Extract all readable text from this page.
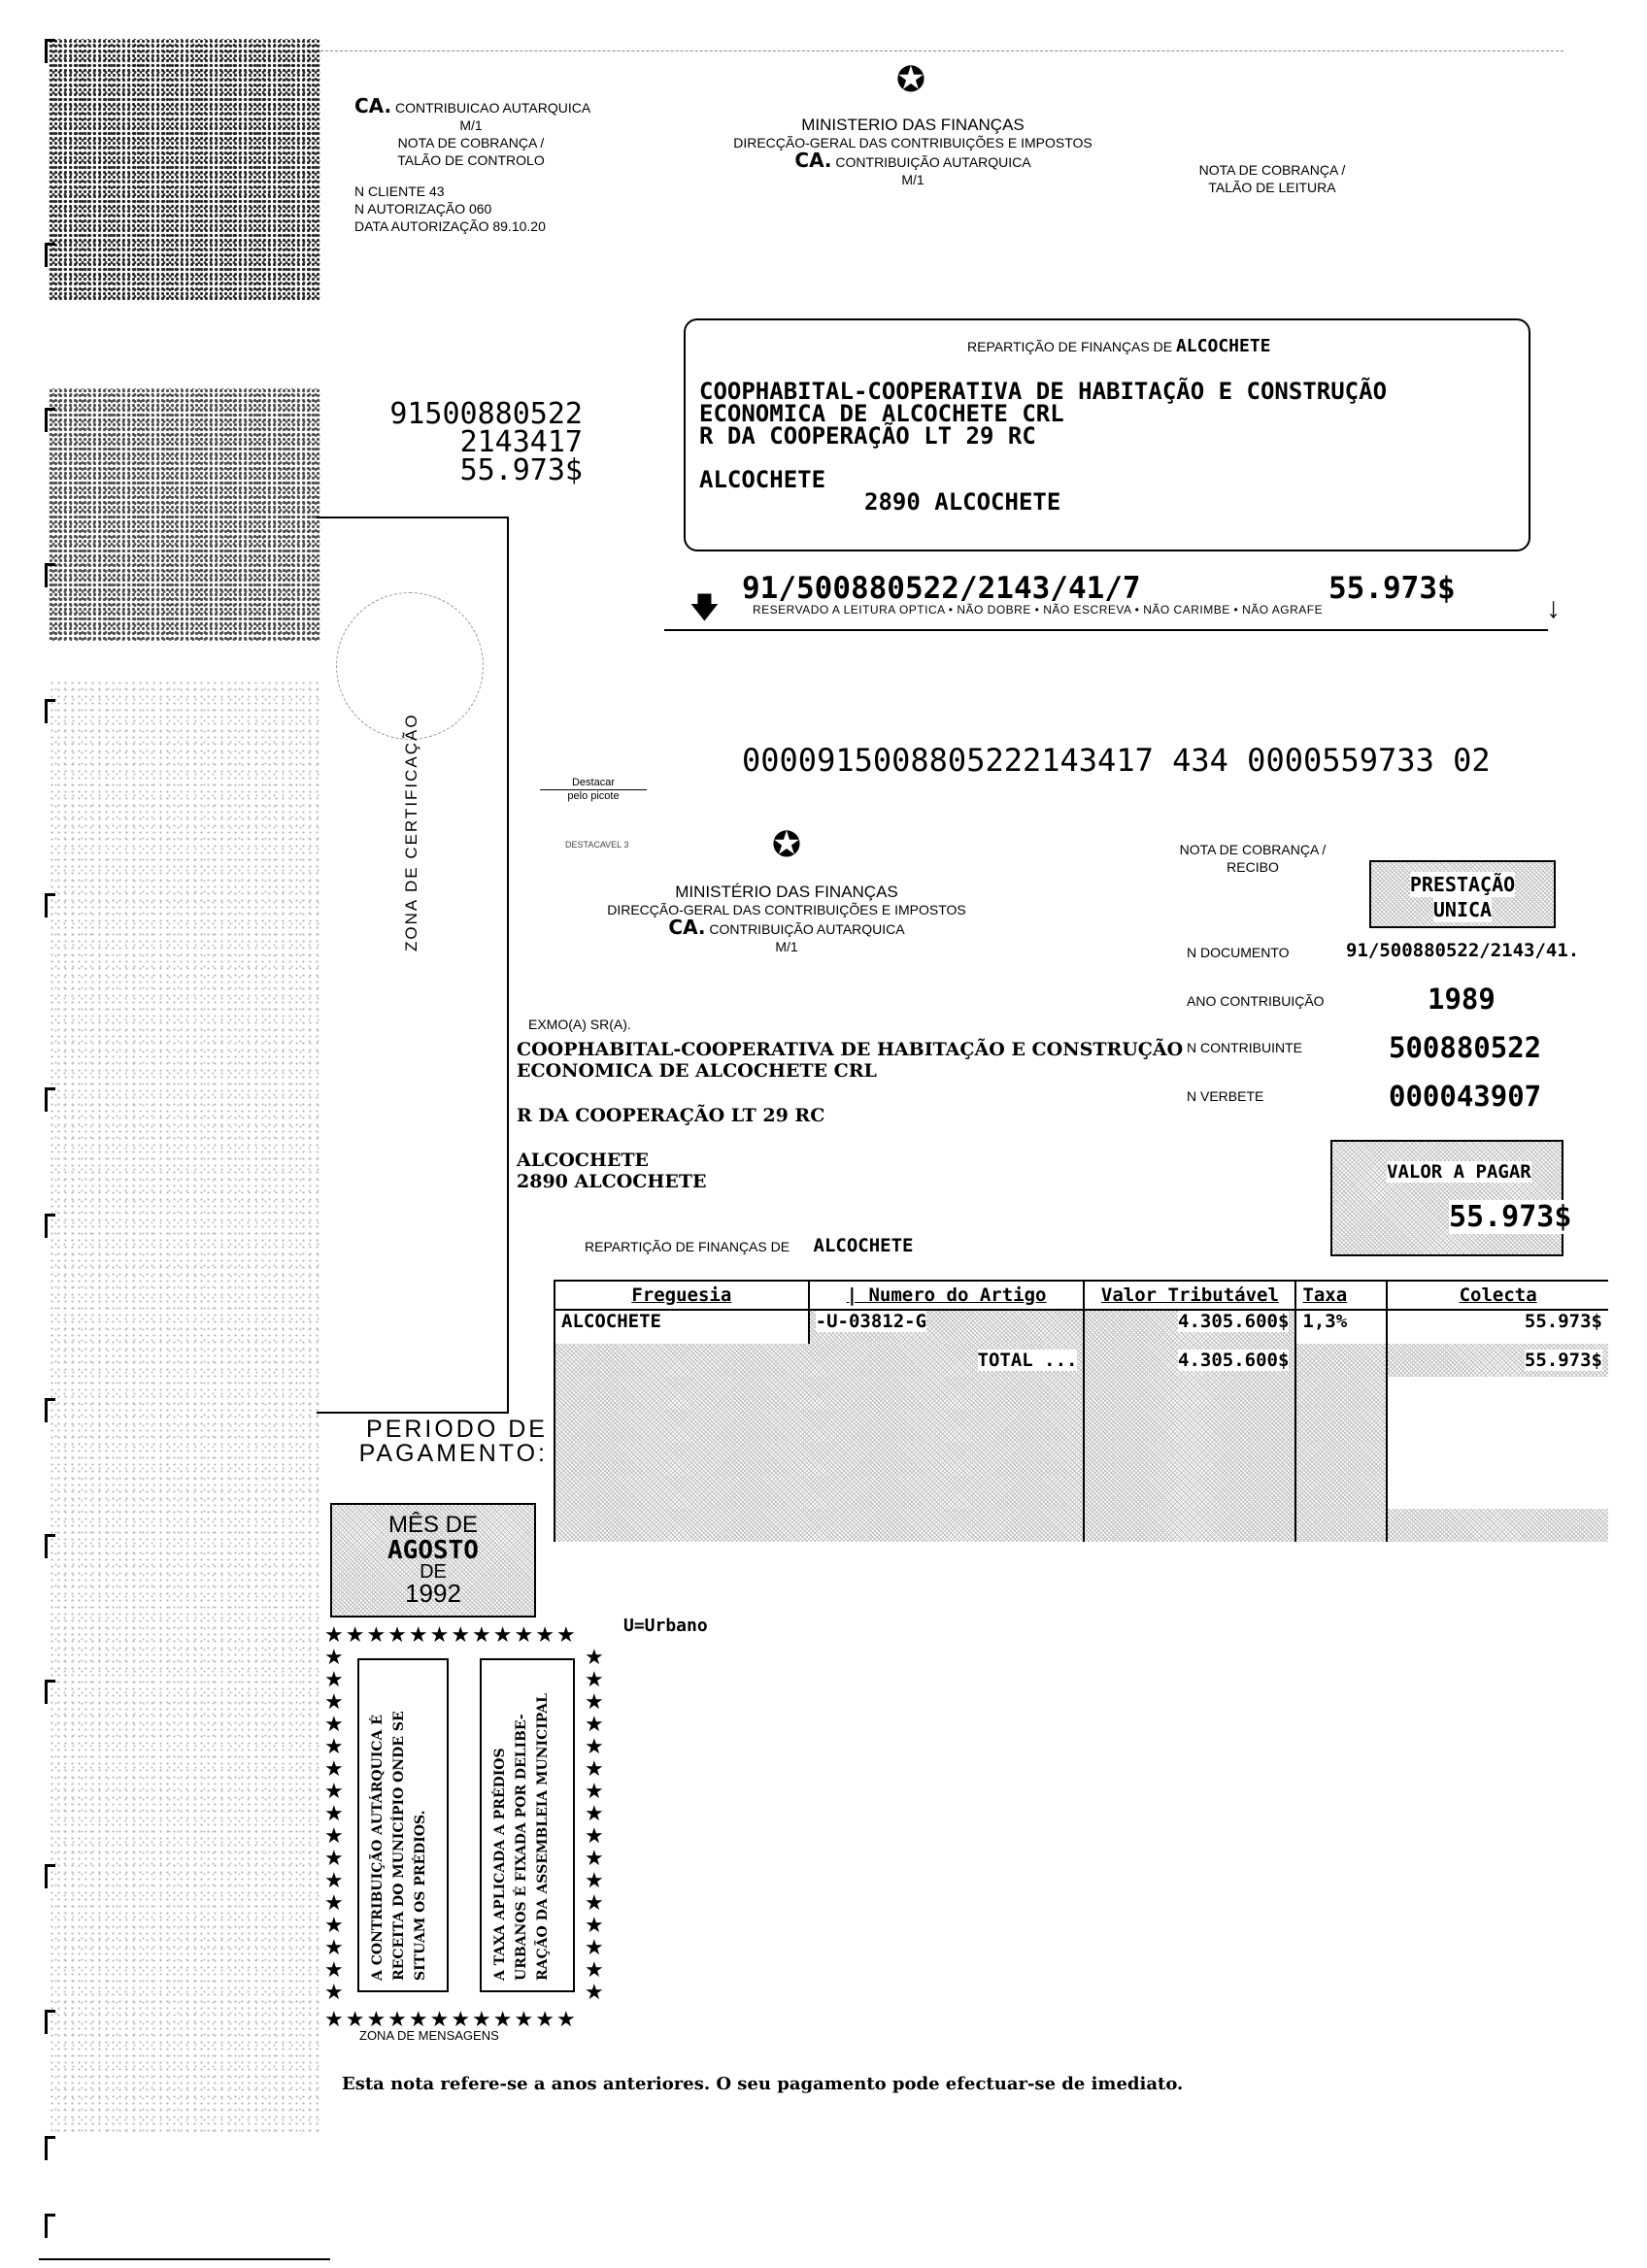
CA. CONTRIBUICAO AUTARQUICA
M/1
NOTA DE COBRANÇA /
TALÃO DE CONTROLO
N CLIENTE 43
N AUTORIZAÇÃO 060
DATA AUTORIZAÇÃO 89.10.20
91500880522
2143417
55.973$
✪
MINISTERIO DAS FINANÇAS
DIRECÇÃO-GERAL DAS CONTRIBUIÇÕES E IMPOSTOS
CA. CONTRIBUIÇÃO AUTARQUICA
M/1
NOTA DE COBRANÇA /
TALÃO DE LEITURA
REPARTIÇÃO DE FINANÇAS DE ALCOCHETE
COOPHABITAL-COOPERATIVA DE HABITAÇÃO E CONSTRUÇÃO
ECONOMICA DE ALCOCHETE CRL
R DA COOPERAÇÃO LT 29 RC
ALCOCHETE
2890 ALCOCHETE
🡇	↓
91/500880522/2143/41/7	55.973$
RESERVADO A LEITURA OPTICA • NÃO DOBRE • NÃO ESCREVA • NÃO CARIMBE • NÃO AGRAFE
0000915008805222143417 434 0000559733 02
ZONA DE CERTIFICAÇÃO	Destacar
pelo picote
DESTACAVEL 3	✪
MINISTÉRIO DAS FINANÇAS
DIRECÇÃO-GERAL DAS CONTRIBUIÇÕES E IMPOSTOS
CA. CONTRIBUIÇÃO AUTARQUICA
M/1
NOTA DE COBRANÇA /
RECIBO
PRESTAÇÃO
UNICA
N DOCUMENTO	91/500880522/2143/41.
ANO CONTRIBUIÇÃO	1989
N CONTRIBUINTE	500880522
N VERBETE	000043907
VALOR A PAGAR
55.973$
EXMO(A) SR(A).
COOPHABITAL-COOPERATIVA DE HABITAÇÃO E CONSTRUÇÃO
ECONOMICA DE ALCOCHETE CRL
R DA COOPERAÇÃO LT 29 RC
ALCOCHETE
2890 ALCOCHETE
REPARTIÇÃO DE FINANÇAS DE ALCOCHETE
Freguesia	| Numero do Artigo	Valor Tributável	Taxa	Colecta
ALCOCHETE	-U-03812-G	4.305.600$	1,3%	55.973$
TOTAL ...		4.305.600$		55.973$

U=Urbano
PERIODO DE
PAGAMENTO:
MÊS DE
AGOSTO
DE
1992
★★★★★★★★★★★★
★★★★★★★★★★★★
★
★
★
★
★
★
★
★
★
★
★
★
★
★
★
★
★
★
★
★
★
★
★
★
★
★
★
★
★
★
★
★
A CONTRIBUIÇÃO AUTÁRQUICA É RECEITA DO MUNICÍPIO ONDE SE SITUAM OS PRÉDIOS.	A TAXA APLICADA A PRÉDIOS URBANOS É FIXADA POR DELIBE- RAÇÃO DA ASSEMBLEIA MUNICIPAL
ZONA DE MENSAGENS
Esta nota refere-se a anos anteriores. O seu pagamento pode efectuar-se de imediato.
